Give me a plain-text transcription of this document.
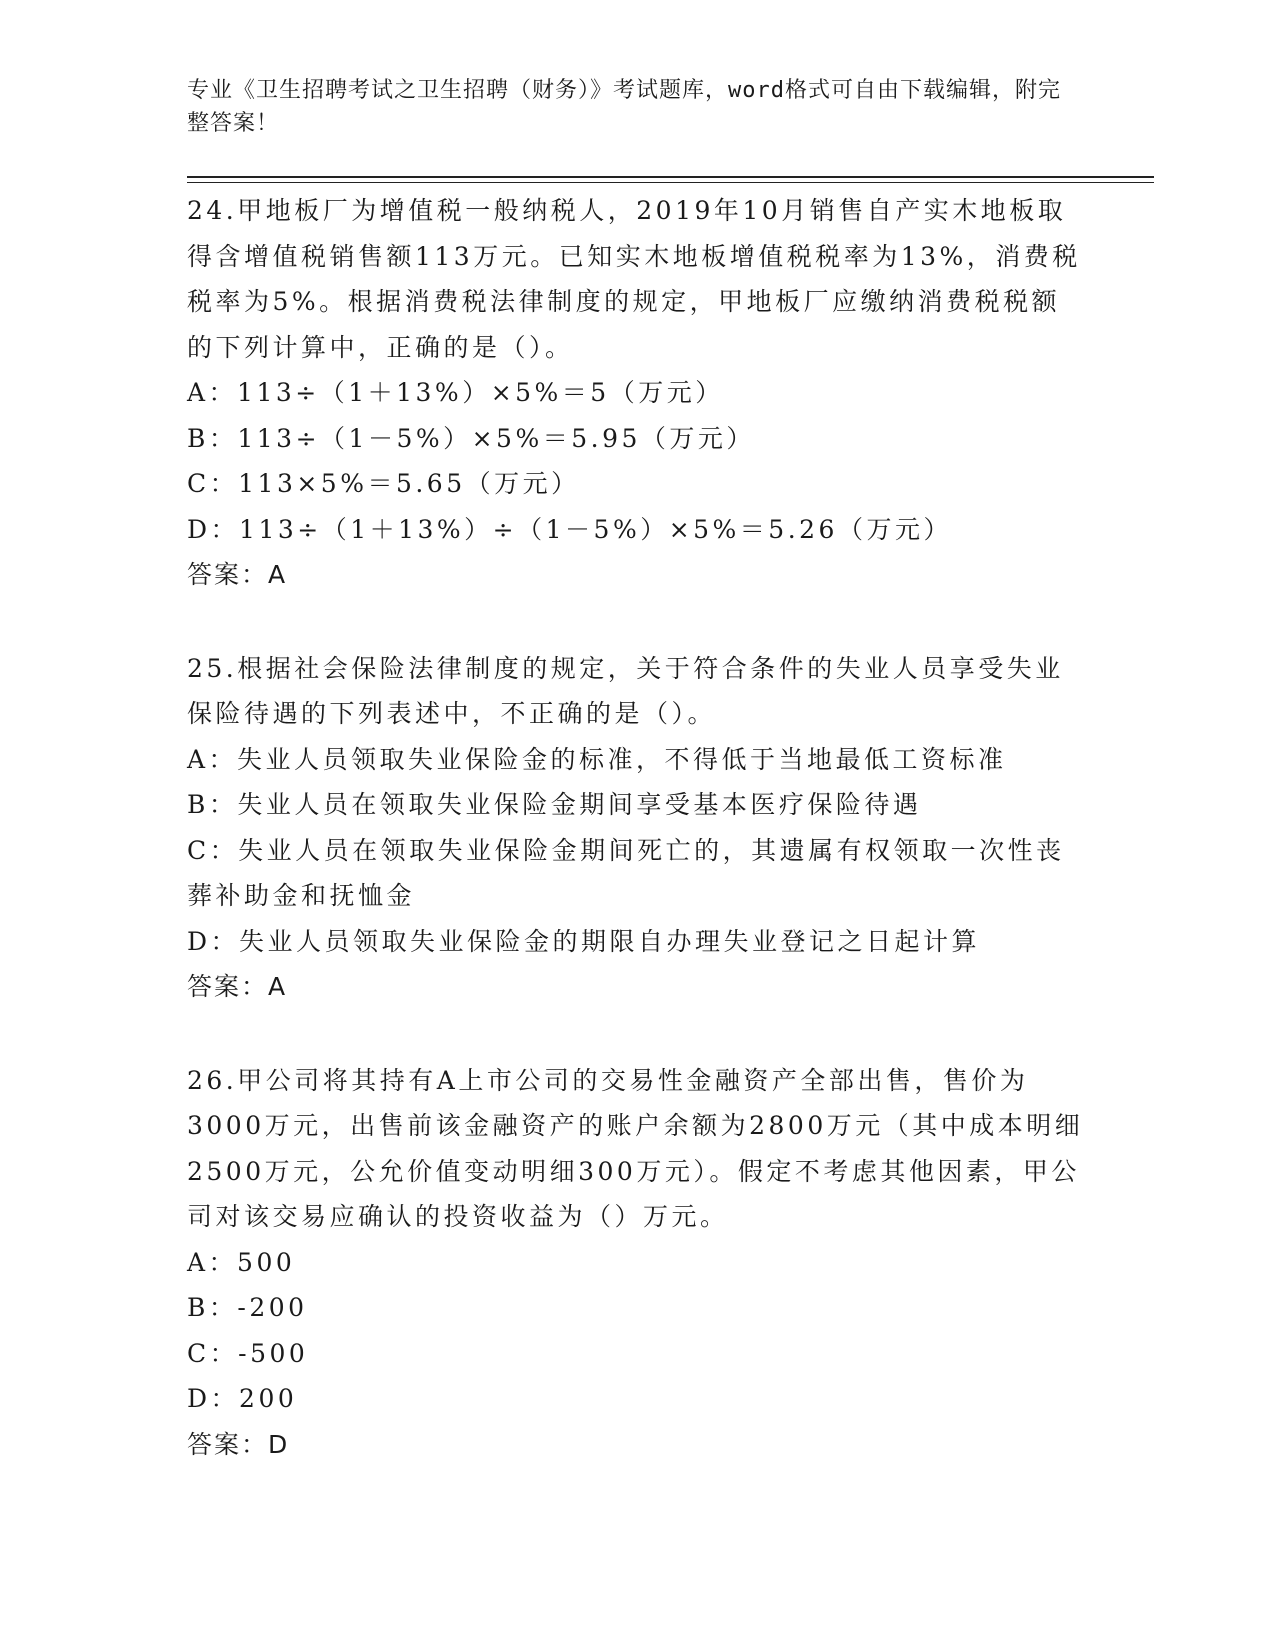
专业《卫生招聘考试之卫生招聘（财务）》考试题库，word格式可自由下载编辑，附完整答案！
24.甲地板厂为增值税一般纳税人，2019年10月销售自产实木地板取得含增值税销售额113万元。已知实木地板增值税税率为13%，消费税税率为5%。根据消费税法律制度的规定，甲地板厂应缴纳消费税税额的下列计算中，正确的是（）。
A：113÷（1＋13%）×5%＝5（万元）
B：113÷（1－5%）×5%＝5.95（万元）
C：113×5%＝5.65（万元）
D：113÷（1＋13%）÷（1－5%）×5%＝5.26（万元）
答案：A
25.根据社会保险法律制度的规定，关于符合条件的失业人员享受失业保险待遇的下列表述中，不正确的是（）。
A：失业人员领取失业保险金的标准，不得低于当地最低工资标准
B：失业人员在领取失业保险金期间享受基本医疗保险待遇
C：失业人员在领取失业保险金期间死亡的，其遗属有权领取一次性丧葬补助金和抚恤金
D：失业人员领取失业保险金的期限自办理失业登记之日起计算
答案：A
26.甲公司将其持有A上市公司的交易性金融资产全部出售，售价为3000万元，出售前该金融资产的账户余额为2800万元（其中成本明细2500万元，公允价值变动明细300万元）。假定不考虑其他因素，甲公司对该交易应确认的投资收益为（）万元。
A：500
B：-200
C：-500
D：200
答案：D
